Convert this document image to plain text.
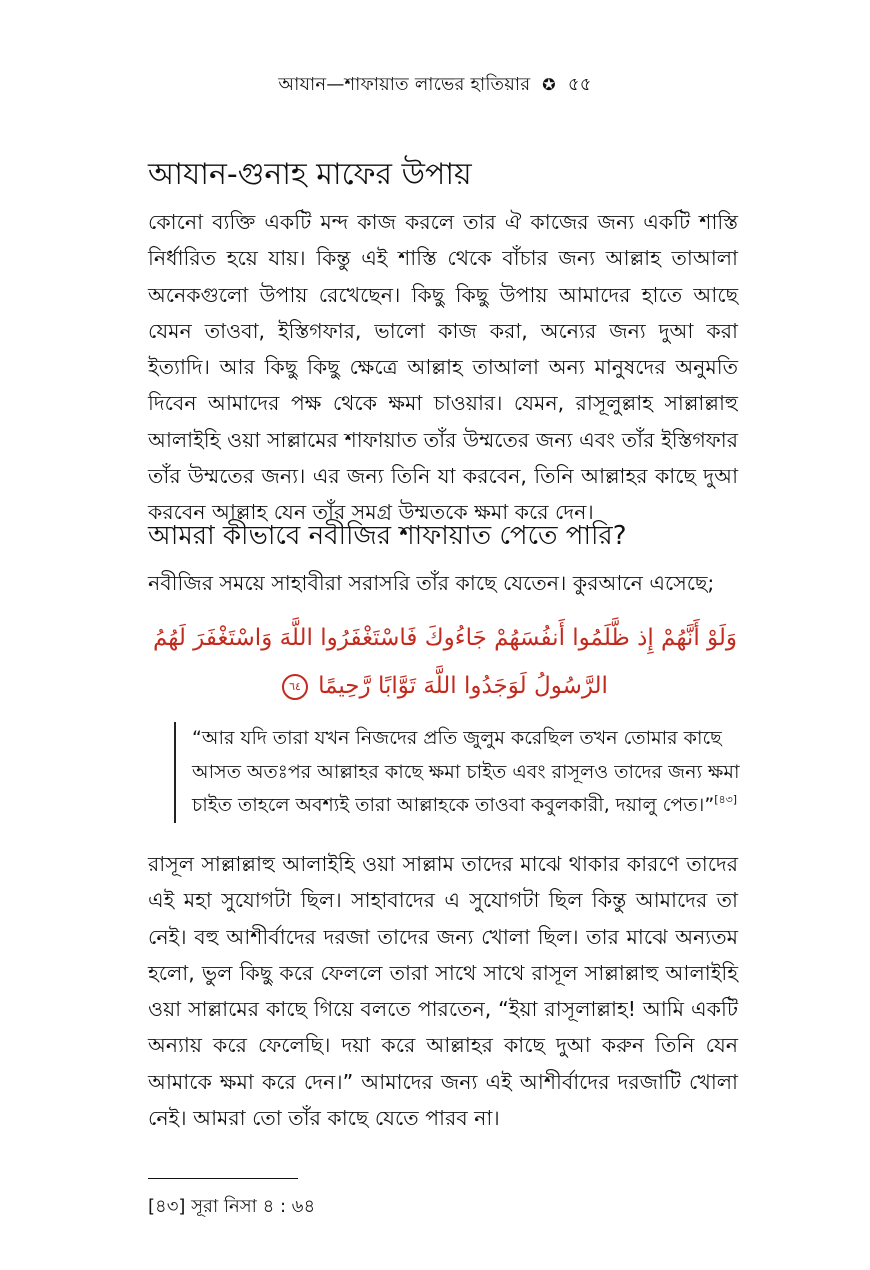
আযান—শাফায়াত লাভের হাতিয়ার ✪ ৫৫
আযান-গুনাহ মাফের উপায়

কোনো ব্যক্তি একটি মন্দ কাজ করলে তার ঐ কাজের জন্য একটি শাস্তি নির্ধারিত হয়ে যায়। কিন্তু এই শাস্তি থেকে বাঁচার জন্য আল্লাহ তাআলা অনেকগুলো উপায় রেখেছেন। কিছু কিছু উপায় আমাদের হাতে আছে যেমন তাওবা, ইস্তিগফার, ভালো কাজ করা, অন্যের জন্য দুআ করা ইত্যাদি। আর কিছু কিছু ক্ষেত্রে আল্লাহ তাআলা অন্য মানুষদের অনুমতি দিবেন আমাদের পক্ষ থেকে ক্ষমা চাওয়ার। যেমন, রাসূলুল্লাহ সাল্লাল্লাহু আলাইহি ওয়া সাল্লামের শাফায়াত তাঁর উম্মতের জন্য এবং তাঁর ইস্তিগফার তাঁর উম্মতের জন্য। এর জন্য তিনি যা করবেন, তিনি আল্লাহর কাছে দুআ করবেন আল্লাহ যেন তাঁর সমগ্র উম্মতকে ক্ষমা করে দেন।

আমরা কীভাবে নবীজির শাফায়াত পেতে পারি?

নবীজির সময়ে সাহাবীরা সরাসরি তাঁর কাছে যেতেন। কুরআনে এসেছে;

وَلَوْ أَنَّهُمْ إِذ ظَّلَمُوا أَنفُسَهُمْ جَاءُوكَ فَاسْتَغْفَرُوا اللَّهَ وَاسْتَغْفَرَ لَهُمُ
الرَّسُولُ لَوَجَدُوا اللَّهَ تَوَّابًا رَّحِيمًا٦٤
“আর যদি তারা যখন নিজদের প্রতি জুলুম করেছিল তখন তোমার কাছে আসত অতঃপর আল্লাহর কাছে ক্ষমা চাইত এবং রাসূলও তাদের জন্য ক্ষমা চাইত তাহলে অবশ্যই তারা আল্লাহকে তাওবা কবুলকারী, দয়ালু পেত।”[৪৩]

রাসূল সাল্লাল্লাহু আলাইহি ওয়া সাল্লাম তাদের মাঝে থাকার কারণে তাদের এই মহা সুযোগটা ছিল। সাহাবাদের এ সুযোগটা ছিল কিন্তু আমাদের তা নেই। বহু আশীর্বাদের দরজা তাদের জন্য খোলা ছিল। তার মাঝে অন্যতম হলো, ভুল কিছু করে ফেললে তারা সাথে সাথে রাসূল সাল্লাল্লাহু আলাইহি ওয়া সাল্লামের কাছে গিয়ে বলতে পারতেন, “ইয়া রাসূলাল্লাহ! আমি একটি অন্যায় করে ফেলেছি। দয়া করে আল্লাহর কাছে দুআ করুন তিনি যেন আমাকে ক্ষমা করে দেন।” আমাদের জন্য এই আশীর্বাদের দরজাটি খোলা নেই। আমরা তো তাঁর কাছে যেতে পারব না।

[৪৩] সূরা নিসা ৪ : ৬৪
